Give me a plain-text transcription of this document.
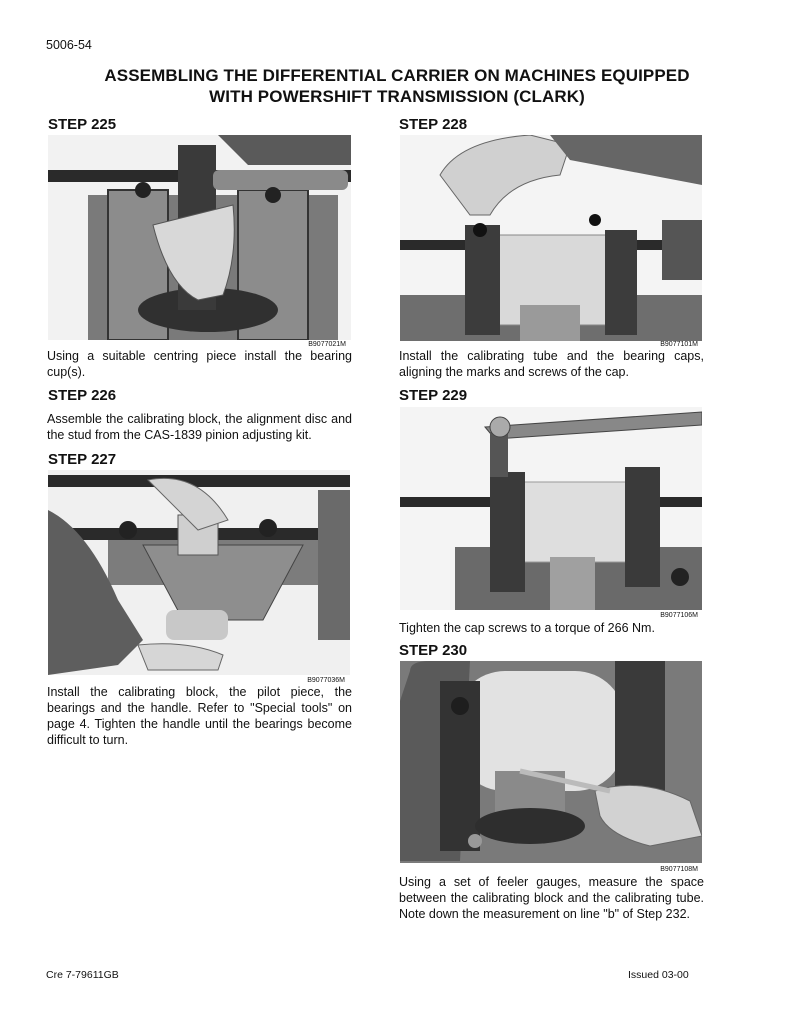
5006-54
ASSEMBLING THE DIFFERENTIAL CARRIER ON MACHINES EQUIPPED
WITH POWERSHIFT TRANSMISSION (CLARK)
STEP 225
B9077021M
Using a suitable centring piece install the bearing cup(s).
STEP 226
Assemble the calibrating block, the alignment disc and the stud from the CAS-1839 pinion adjusting kit.
STEP 227
B9077036M
Install the calibrating block, the pilot piece, the bearings and the handle. Refer to "Special tools" on page 4. Tighten the handle until the bearings become difficult to turn.
STEP 228
B9077101M
Install the calibrating tube and the bearing caps, aligning the marks and screws of the cap.
STEP 229
B9077106M
Tighten the cap screws to a torque of 266 Nm.
STEP 230
B9077108M
Using a set of feeler gauges, measure the space between the calibrating block and the calibrating tube. Note down the measurement on line "b" of Step 232.
Cre 7-79611GB	Issued 03-00
